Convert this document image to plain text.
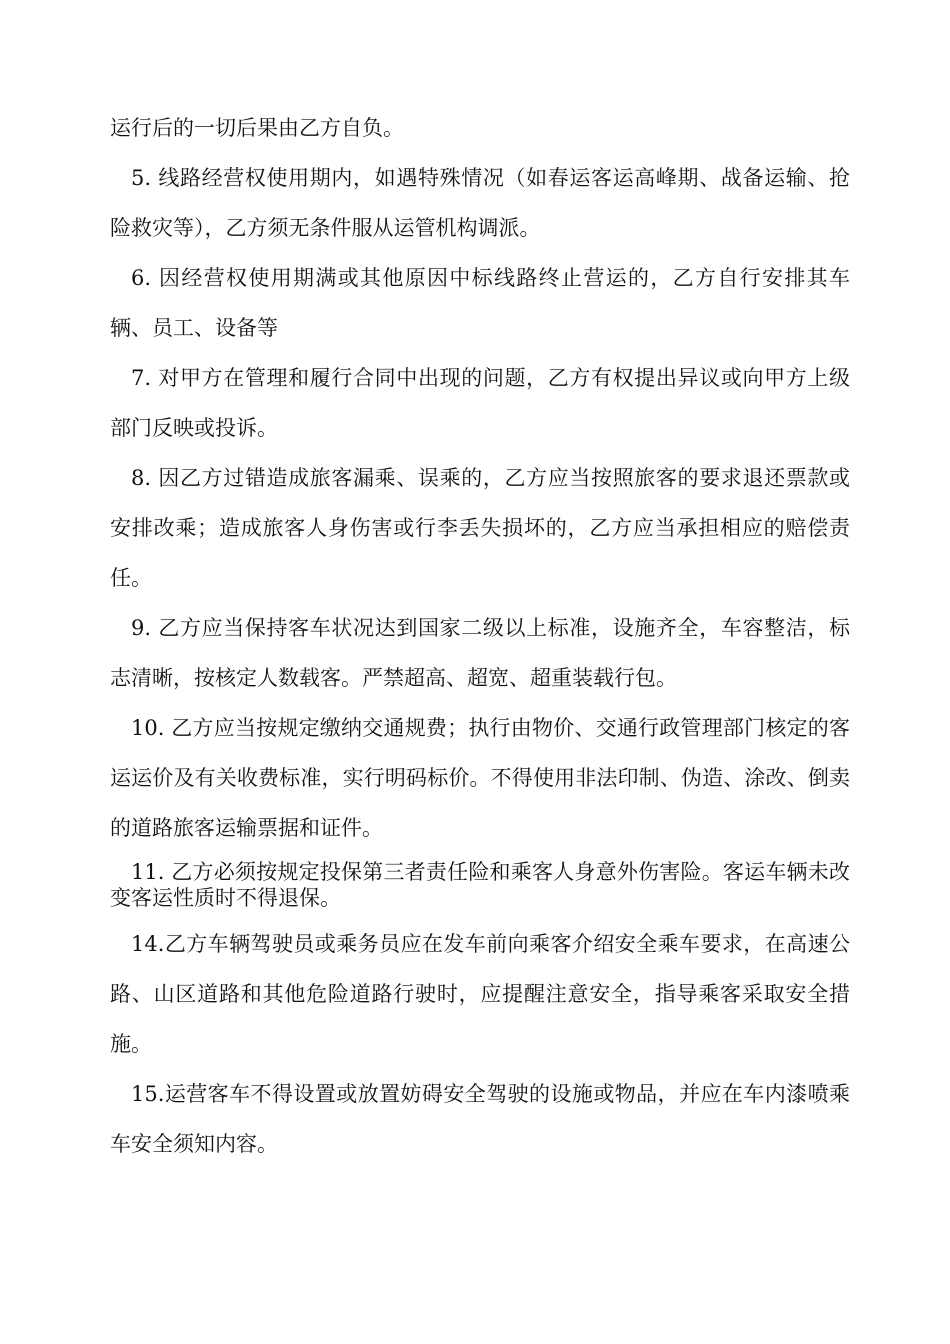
运行后的一切后果由乙方自负。

5. 线路经营权使用期内，如遇特殊情况（如春运客运高峰期、战备运输、抢险救灾等），乙方须无条件服从运管机构调派。

6. 因经营权使用期满或其他原因中标线路终止营运的，乙方自行安排其车辆、员工、设备等

7. 对甲方在管理和履行合同中出现的问题，乙方有权提出异议或向甲方上级部门反映或投诉。

8. 因乙方过错造成旅客漏乘、误乘的，乙方应当按照旅客的要求退还票款或安排改乘；造成旅客人身伤害或行李丢失损坏的，乙方应当承担相应的赔偿责任。

9. 乙方应当保持客车状况达到国家二级以上标准，设施齐全，车容整洁，标志清晰，按核定人数载客。严禁超高、超宽、超重装载行包。

10. 乙方应当按规定缴纳交通规费；执行由物价、交通行政管理部门核定的客运运价及有关收费标准，实行明码标价。不得使用非法印制、伪造、涂改、倒卖的道路旅客运输票据和证件。

11. 乙方必须按规定投保第三者责任险和乘客人身意外伤害险。客运车辆未改变客运性质时不得退保。

14.乙方车辆驾驶员或乘务员应在发车前向乘客介绍安全乘车要求，在高速公路、山区道路和其他危险道路行驶时，应提醒注意安全，指导乘客采取安全措施。

15.运营客车不得设置或放置妨碍安全驾驶的设施或物品，并应在车内漆喷乘车安全须知内容。
